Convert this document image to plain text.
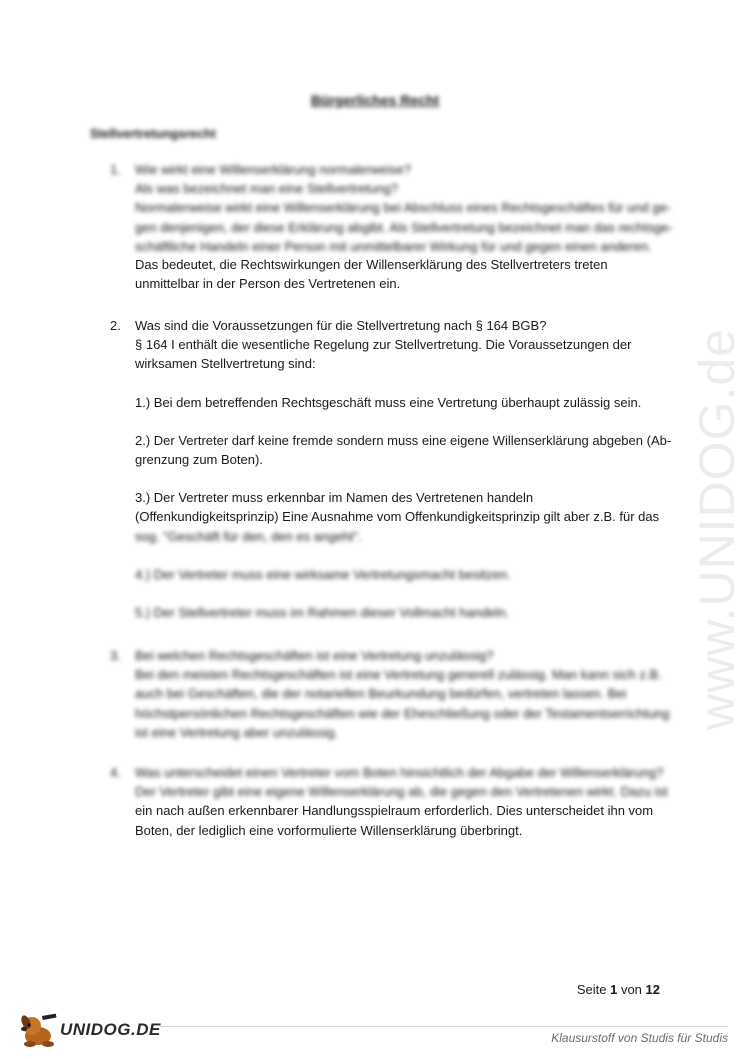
www.UNIDOG.de
Bürgerliches Recht
Stellvertretungsrecht
1.	Wie wirkt eine Willenserklärung normalerweise?
Als was bezeichnet man eine Stellvertretung?
Normalerweise wirkt eine Willenserklärung bei Abschluss eines Rechtsgeschäftes für und ge-
gen denjenigen, der diese Erklärung abgibt. Als Stellvertretung bezeichnet man das rechtsge-
schäftliche Handeln einer Person mit unmittelbarer Wirkung für und gegen einen anderen.
Das bedeutet, die Rechtswirkungen der Willenserklärung des Stellvertreters treten
unmittelbar in der Person des Vertretenen ein.
2.	Was sind die Voraussetzungen für die Stellvertretung nach § 164 BGB?
§ 164 I enthält die wesentliche Regelung zur Stellvertretung. Die Voraussetzungen der
wirksamen Stellvertretung sind:
1.) Bei dem betreffenden Rechtsgeschäft muss eine Vertretung überhaupt zulässig sein.
2.) Der Vertreter darf keine fremde sondern muss eine eigene Willenserklärung abgeben (Ab-
grenzung zum Boten).
3.) Der Vertreter muss erkennbar im Namen des Vertretenen handeln
(Offenkundigkeitsprinzip) Eine Ausnahme vom Offenkundigkeitsprinzip gilt aber z.B. für das
sog. "Geschäft für den, den es angeht".
4.) Der Vertreter muss eine wirksame Vertretungsmacht besitzen.
5.) Der Stellvertreter muss im Rahmen dieser Vollmacht handeln.
3.	Bei welchen Rechtsgeschäften ist eine Vertretung unzulässig?
Bei den meisten Rechtsgeschäften ist eine Vertretung generell zulässig. Man kann sich z.B.
auch bei Geschäften, die der notariellen Beurkundung bedürfen, vertreten lassen. Bei
höchstpersönlichen Rechtsgeschäften wie der Eheschließung oder der Testamentserrichtung
ist eine Vertretung aber unzulässig.
4.	Was unterscheidet einen Vertreter vom Boten hinsichtlich der Abgabe der Willenserklärung?
Der Vertreter gibt eine eigene Willenserklärung ab, die gegen den Vertretenen wirkt. Dazu ist
ein nach außen erkennbarer Handlungsspielraum erforderlich. Dies unterscheidet ihn vom
Boten, der lediglich eine vorformulierte Willenserklärung überbringt.
Seite 1 von 12
UNIDOG.DE	Klausurstoff von Studis für Studis
